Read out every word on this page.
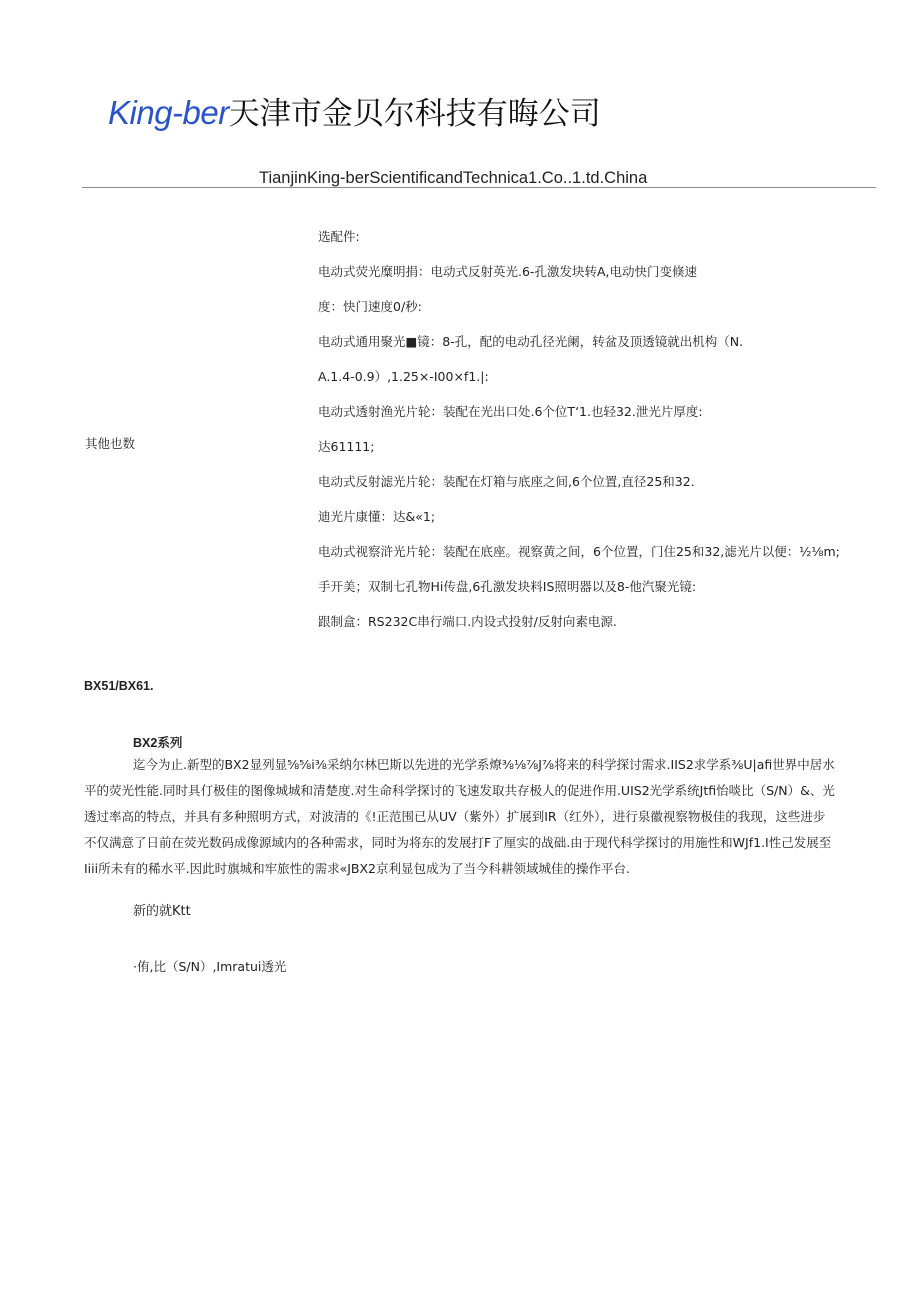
King-ber天津市金贝尔科技有晦公司
TianjinKing-berScientificandTechnica1.Co..1.td.China
其他也数
选配件:
电动式荧光糜明捐：电动式反射英光.6-孔激发块转A,电动快门变倏速
度：快门速度0/秒:
电动式通用聚光■镜：8-孔，配的电动孔径光阑，转盆及顶透镜就出机构（N.
A.1.4-0.9）,1.25×-I00×f1.|:
电动式透射渔光片轮：装配在光出口处.6个位T‘1.也轻32.泄光片厚度:
达61111;
电动式反射滤光片轮：装配在灯箱与底座之间,6个位置,直径25和32.
迪光片康懂：达&«1;
电动式视察浒光片轮：装配在底座。视察黄之间，6个位置，门住25和32,滤光片以便：½⅛m;
手开美；双制七孔物Hi传盘,6孔激发块料IS照明器以及8-他汽聚光镜:
跟制盒：RS232C串行端口.内设式投射/反射向素电源.
BX51/BX61.
BX2系列
迄今为止.新型的BX2显列显⅝⅝i⅜采纳尔林巴斯以先进的光学系燎⅜⅛⅞J⅞将来的科学探讨需求.IIS2求学系⅜U|afi世界中居水
平的荧光性能.同时具仃极佳的图像城城和清楚度.对生命科学探讨的飞速发取共存极人的促进作用.UIS2光学系统Jtfi怡啖比（S/N）&、光
透过率高的特点，并具有多种照明方式，对波清的《!正范围已从UV（紫外）扩展到IR（红外），进行泉徽视察物极佳的我现，这些进步
不仅满意了日前在荧光数码成像源域内的各种需求，同时为将东的发展打F了厘实的战础.由于现代科学探讨的用施性和WJf1.I性己发展至
Iiii所未有的稀水平.因此时旗城和牢旅性的需求«JBX2京利显包成为了当今科耕领域城佳的操作平台.
新的就Ktt
·侑,比（S/N）,Imratui透光
